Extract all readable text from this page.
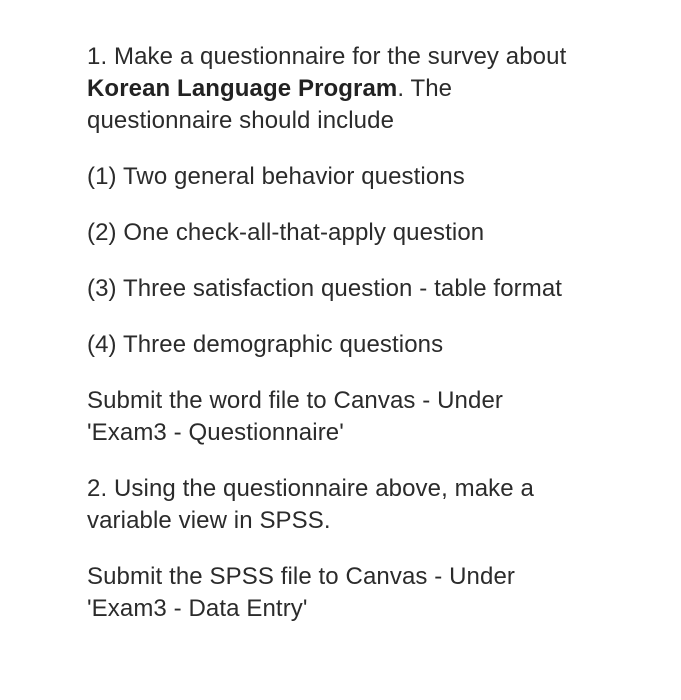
1. Make a questionnaire for the survey about Korean Language Program. The questionnaire should include

(1) Two general behavior questions

(2) One check-all-that-apply question

(3) Three satisfaction question - table format

(4) Three demographic questions

Submit the word file to Canvas - Under 'Exam3 - Questionnaire'

2. Using the questionnaire above, make a variable view in SPSS.

Submit the SPSS file to Canvas - Under 'Exam3 - Data Entry'
